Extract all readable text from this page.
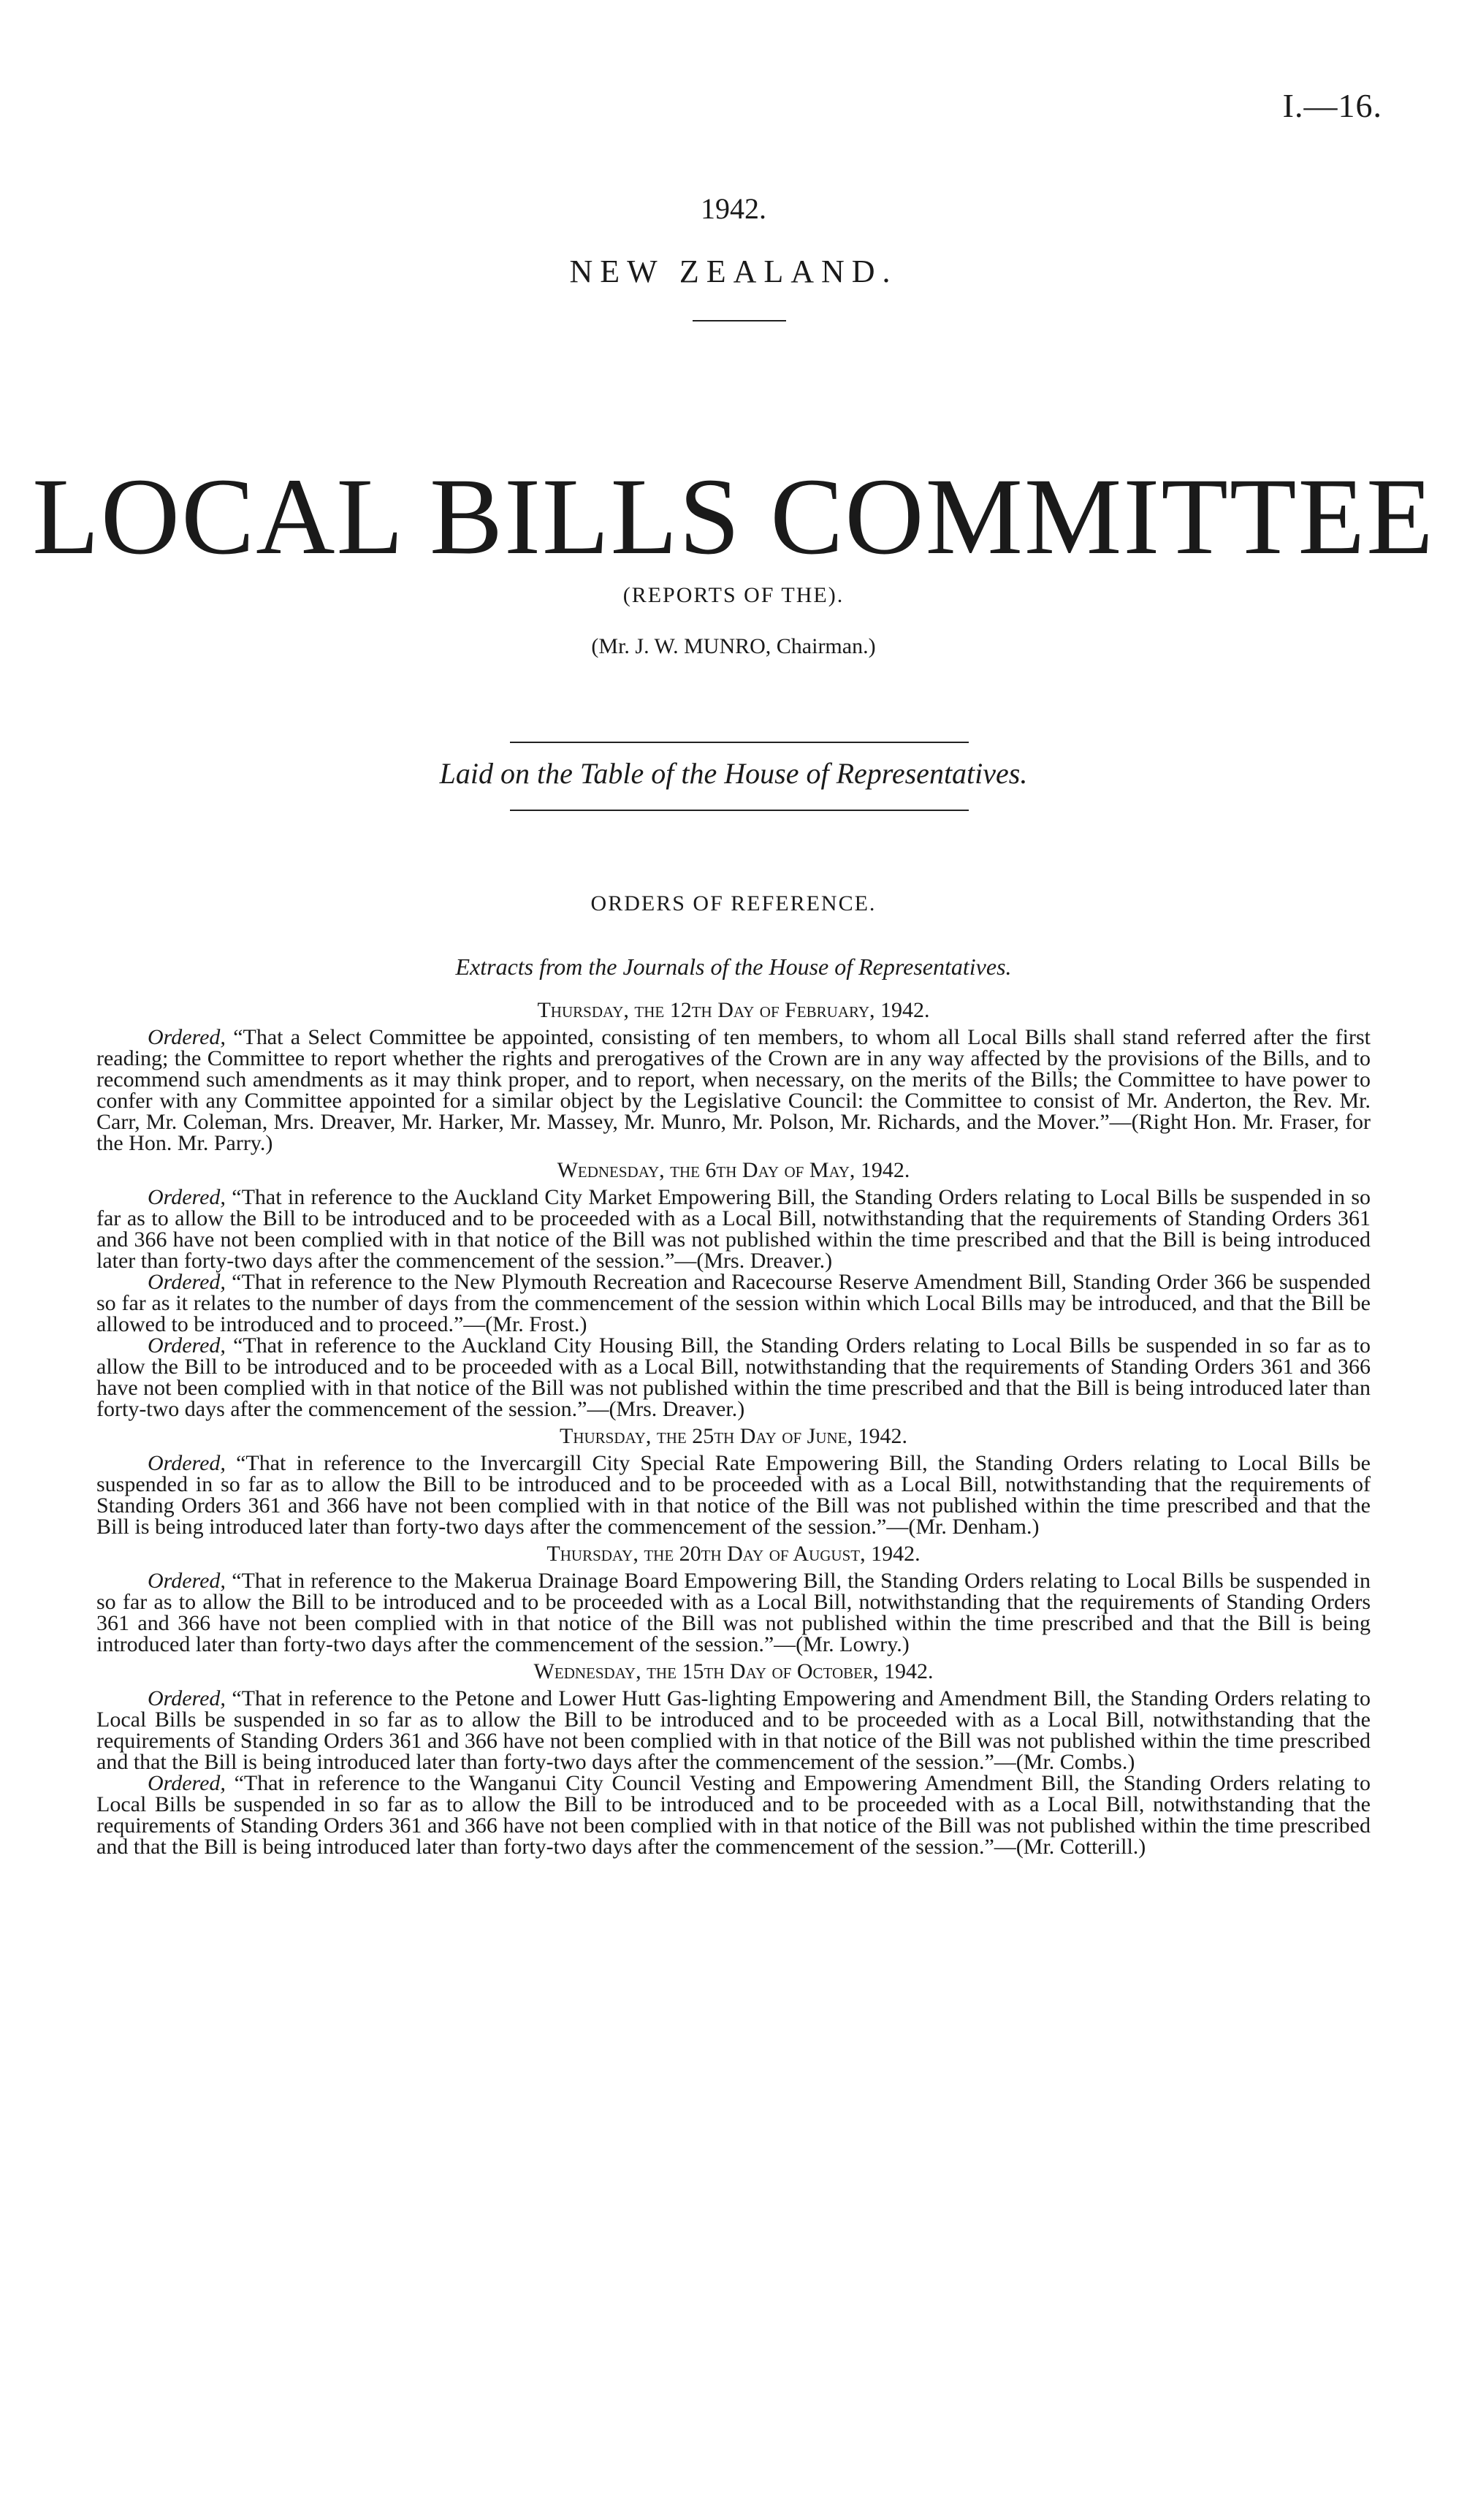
I.—16.
1942.
NEW ZEALAND.
LOCAL BILLS COMMITTEE
(REPORTS OF THE).
(Mr. J. W. MUNRO, Chairman.)
Laid on the Table of the House of Representatives.
ORDERS OF REFERENCE.
Extracts from the Journals of the House of Representatives.
Thursday, the 12th Day of February, 1942.

Ordered, “That a Select Committee be appointed, consisting of ten members, to whom all Local Bills shall stand referred after the first reading; the Committee to report whether the rights and prerogatives of the Crown are in any way affected by the provisions of the Bills, and to recommend such amendments as it may think proper, and to report, when necessary, on the merits of the Bills; the Committee to have power to confer with any Committee appointed for a similar object by the Legislative Council: the Committee to consist of Mr. Anderton, the Rev. Mr. Carr, Mr. Coleman, Mrs. Dreaver, Mr. Harker, Mr. Massey, Mr. Munro, Mr. Polson, Mr. Richards, and the Mover.”—(Right Hon. Mr. Fraser, for the Hon. Mr. Parry.)

Wednesday, the 6th Day of May, 1942.

Ordered, “That in reference to the Auckland City Market Empowering Bill, the Standing Orders relating to Local Bills be suspended in so far as to allow the Bill to be introduced and to be proceeded with as a Local Bill, notwithstanding that the requirements of Standing Orders 361 and 366 have not been complied with in that notice of the Bill was not published within the time prescribed and that the Bill is being introduced later than forty-two days after the commencement of the session.”—(Mrs. Dreaver.)

Ordered, “That in reference to the New Plymouth Recreation and Racecourse Reserve Amendment Bill, Standing Order 366 be suspended so far as it relates to the number of days from the commencement of the session within which Local Bills may be introduced, and that the Bill be allowed to be introduced and to proceed.”—(Mr. Frost.)

Ordered, “That in reference to the Auckland City Housing Bill, the Standing Orders relating to Local Bills be suspended in so far as to allow the Bill to be introduced and to be proceeded with as a Local Bill, notwithstanding that the requirements of Standing Orders 361 and 366 have not been complied with in that notice of the Bill was not published within the time prescribed and that the Bill is being introduced later than forty-two days after the commencement of the session.”—(Mrs. Dreaver.)

Thursday, the 25th Day of June, 1942.

Ordered, “That in reference to the Invercargill City Special Rate Empowering Bill, the Standing Orders relating to Local Bills be suspended in so far as to allow the Bill to be introduced and to be proceeded with as a Local Bill, notwithstanding that the requirements of Standing Orders 361 and 366 have not been complied with in that notice of the Bill was not published within the time prescribed and that the Bill is being introduced later than forty-two days after the commencement of the session.”—(Mr. Denham.)

Thursday, the 20th Day of August, 1942.

Ordered, “That in reference to the Makerua Drainage Board Empowering Bill, the Standing Orders relating to Local Bills be suspended in so far as to allow the Bill to be introduced and to be proceeded with as a Local Bill, notwithstanding that the requirements of Standing Orders 361 and 366 have not been complied with in that notice of the Bill was not published within the time prescribed and that the Bill is being introduced later than forty-two days after the commencement of the session.”—(Mr. Lowry.)

Wednesday, the 15th Day of October, 1942.

Ordered, “That in reference to the Petone and Lower Hutt Gas-lighting Empowering and Amendment Bill, the Standing Orders relating to Local Bills be suspended in so far as to allow the Bill to be introduced and to be proceeded with as a Local Bill, notwithstanding that the requirements of Standing Orders 361 and 366 have not been complied with in that notice of the Bill was not published within the time prescribed and that the Bill is being introduced later than forty-two days after the commencement of the session.”—(Mr. Combs.)

Ordered, “That in reference to the Wanganui City Council Vesting and Empowering Amendment Bill, the Standing Orders relating to Local Bills be suspended in so far as to allow the Bill to be introduced and to be proceeded with as a Local Bill, notwithstanding that the requirements of Standing Orders 361 and 366 have not been complied with in that notice of the Bill was not published within the time prescribed and that the Bill is being introduced later than forty-two days after the commencement of the session.”—(Mr. Cotterill.)
